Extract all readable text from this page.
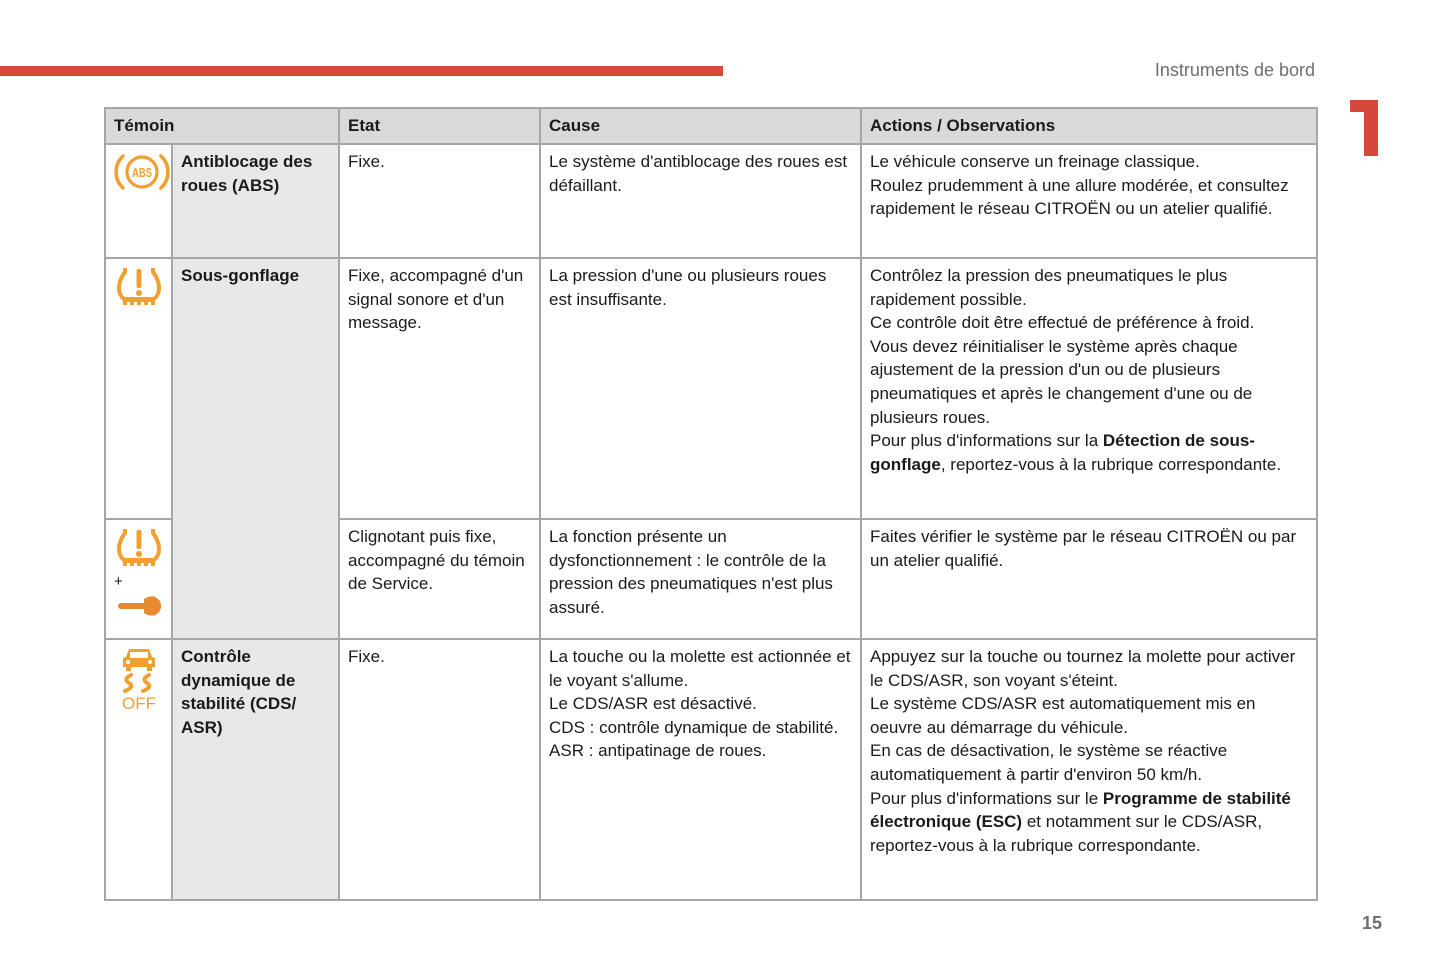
Instruments de bord
Témoin		Etat	Cause	Actions / Observations

ABS	Antiblocage des roues (ABS)	Fixe.	Le système d'antiblocage des roues est défaillant.	Le véhicule conserve un freinage classique.
Roulez prudemment à une allure modérée, et consultez rapidement le réseau CITROËN ou un atelier qualifié.

	Sous-gonflage	Fixe, accompagné d'un signal sonore et d'un message.	La pression d'une ou plusieurs roues est insuffisante.	Contrôlez la pression des pneumatiques le plus rapidement possible.
Ce contrôle doit être effectué de préférence à froid.
Vous devez réinitialiser le système après chaque ajustement de la pression d'un ou de plusieurs pneumatiques et après le changement d'une ou de plusieurs roues.
Pour plus d'informations sur la Détection de sous-gonflage, reportez-vous à la rubrique correspondante.

+		Clignotant puis fixe, accompagné du témoin de Service.	La fonction présente un dysfonctionnement : le contrôle de la pression des pneumatiques n'est plus assuré.	Faites vérifier le système par le réseau CITROËN ou par un atelier qualifié.

OFF
	Contrôle dynamique de stabilité (CDS/ ASR)	Fixe.	La touche ou la molette est actionnée et le voyant s'allume.
Le CDS/ASR est désactivé.
CDS : contrôle dynamique de stabilité.
ASR : antipatinage de roues.

Appuyez sur la touche ou tournez la molette pour activer le CDS/ASR, son voyant s'éteint.
Le système CDS/ASR est automatiquement mis en oeuvre au démarrage du véhicule.
En cas de désactivation, le système se réactive automatiquement à partir d'environ 50 km/h.
Pour plus d'informations sur le Programme de stabilité électronique (ESC) et notamment sur le CDS/ASR, reportez-vous à la rubrique correspondante.
15
